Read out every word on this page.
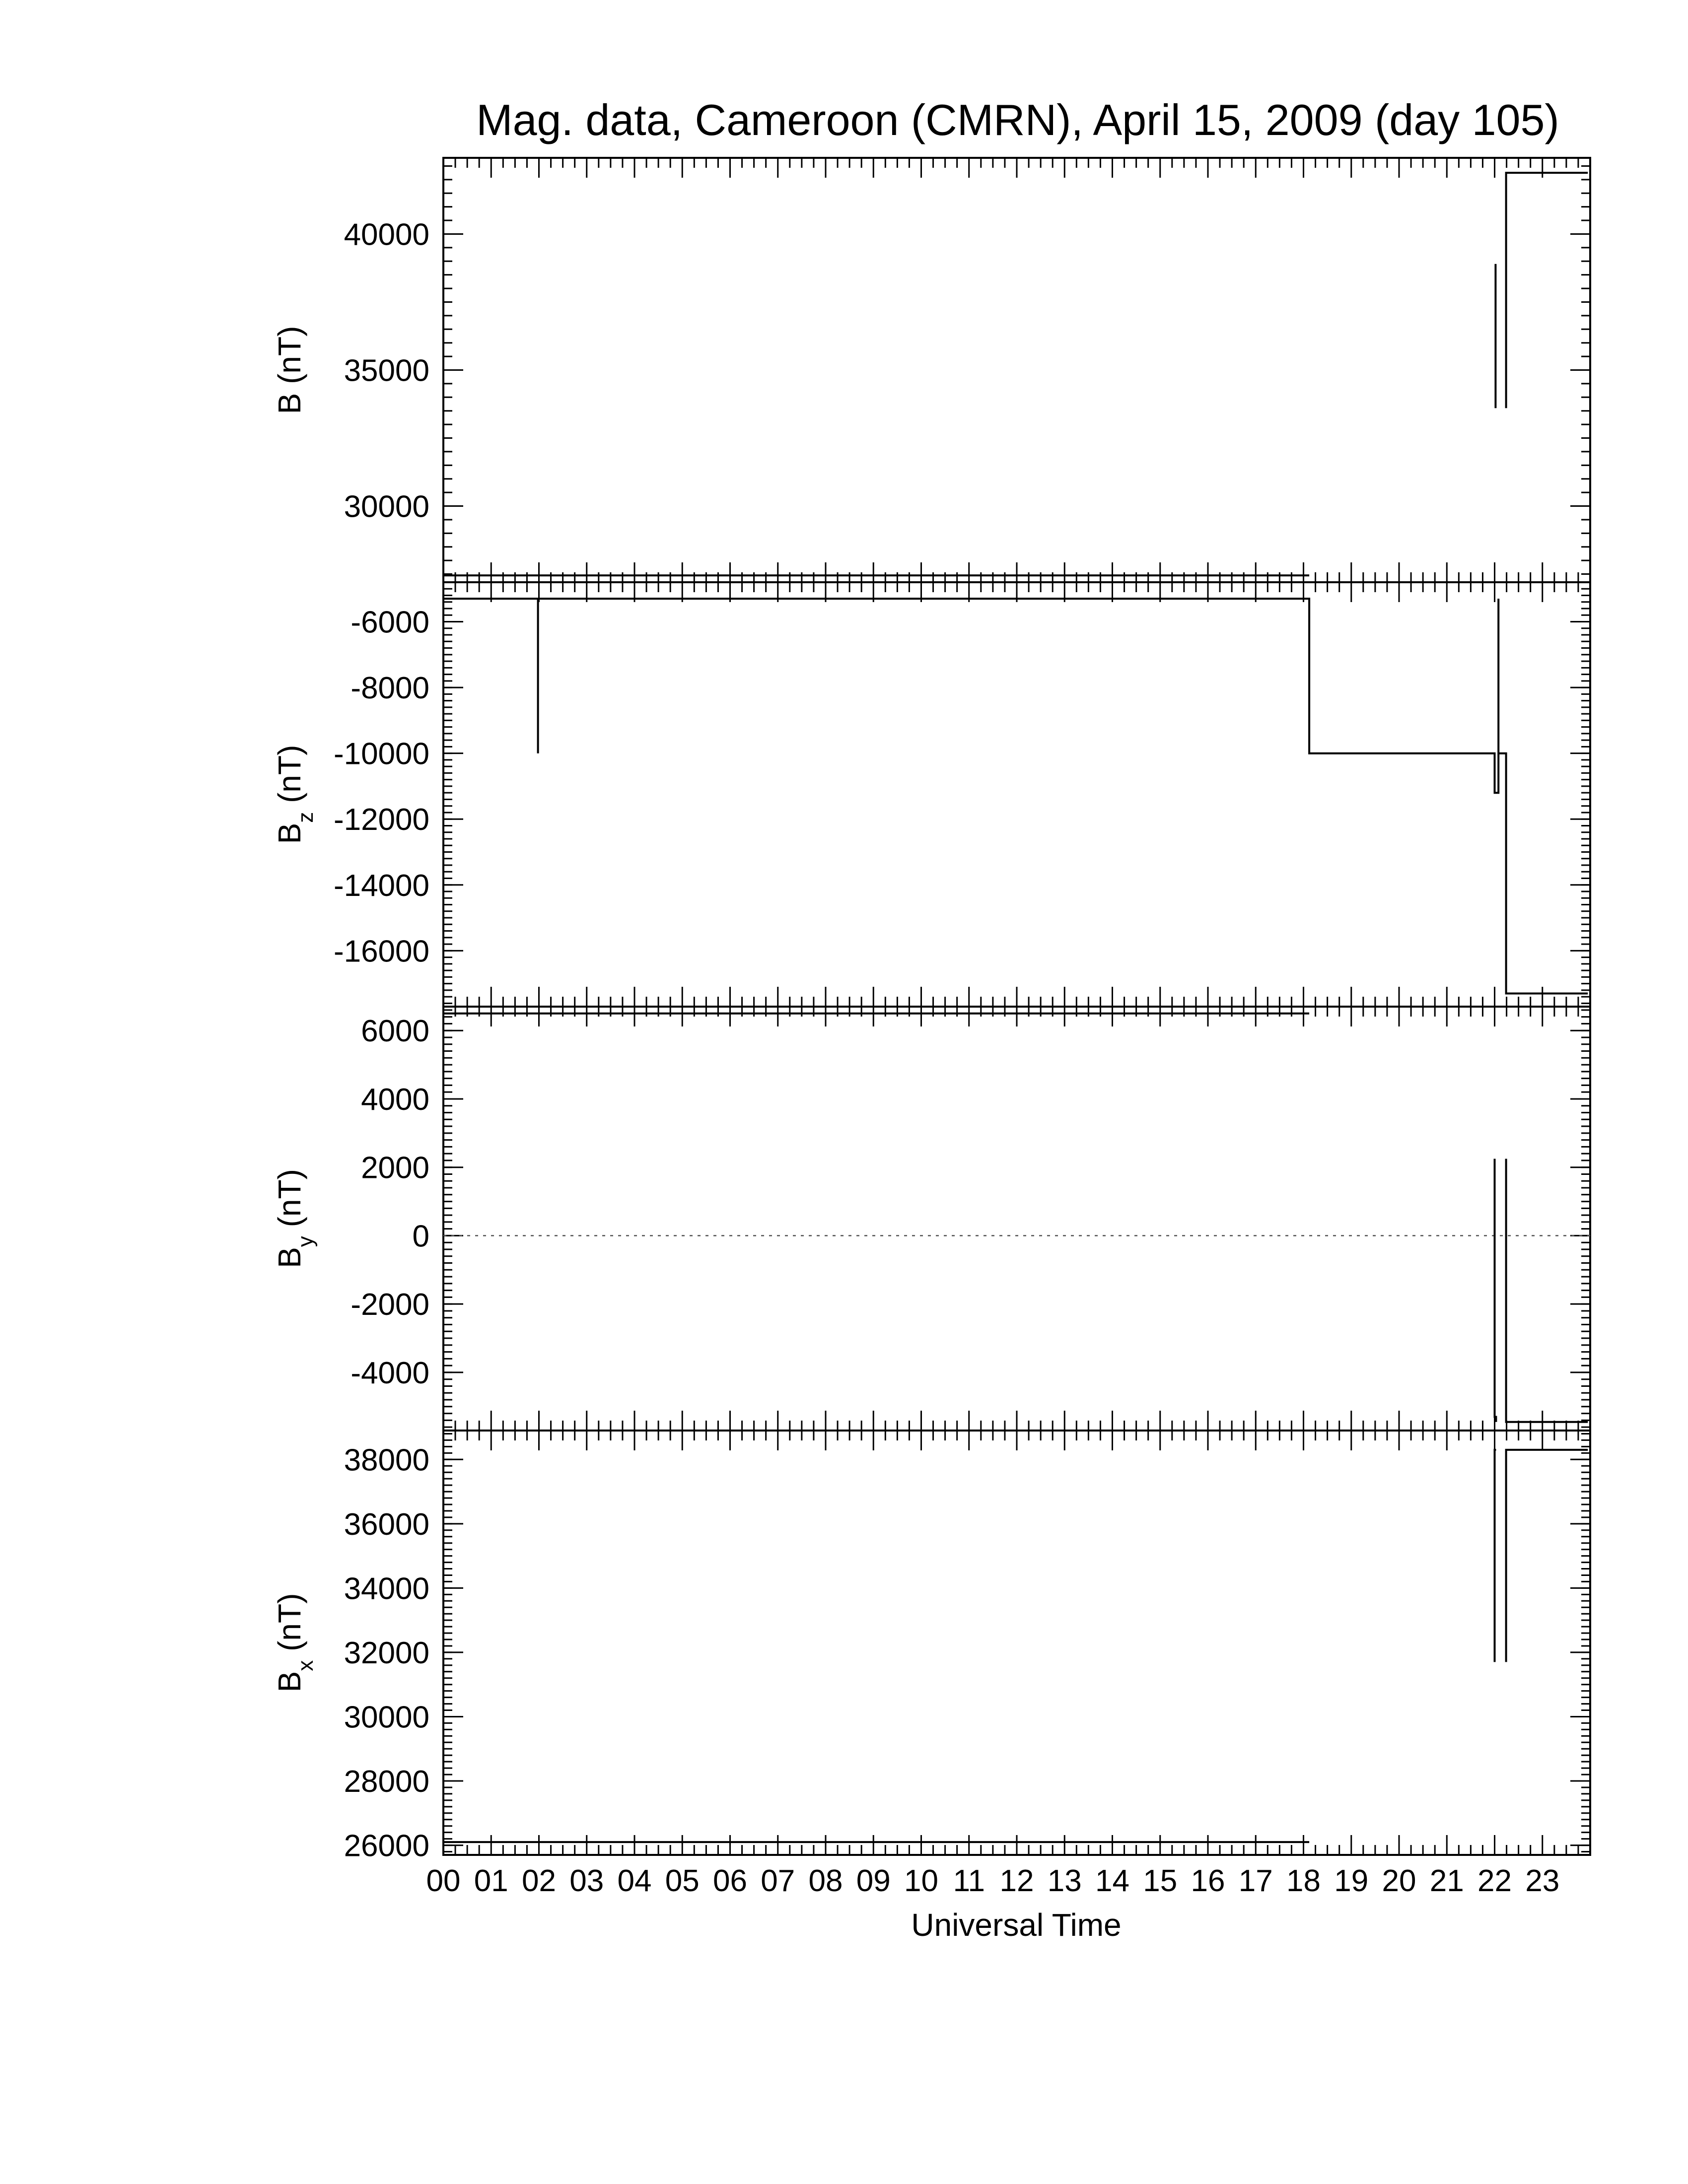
Mag. data, Cameroon (CMRN), April 15, 2009 (day 105)
30000
35000
40000
B (nT)
-6000
-8000
-10000
-12000
-14000
-16000
$B_z$ (nT)
6000
4000
2000
0
-2000
-4000
$B_y$ (nT)
26000
28000
30000
32000
34000
36000
38000
$B_x$ (nT)
00 01 02 03 04 05 06 07 08 09 10 11 12 13 14 15 16 17 18 19 20 21 22 23
Universal Time
